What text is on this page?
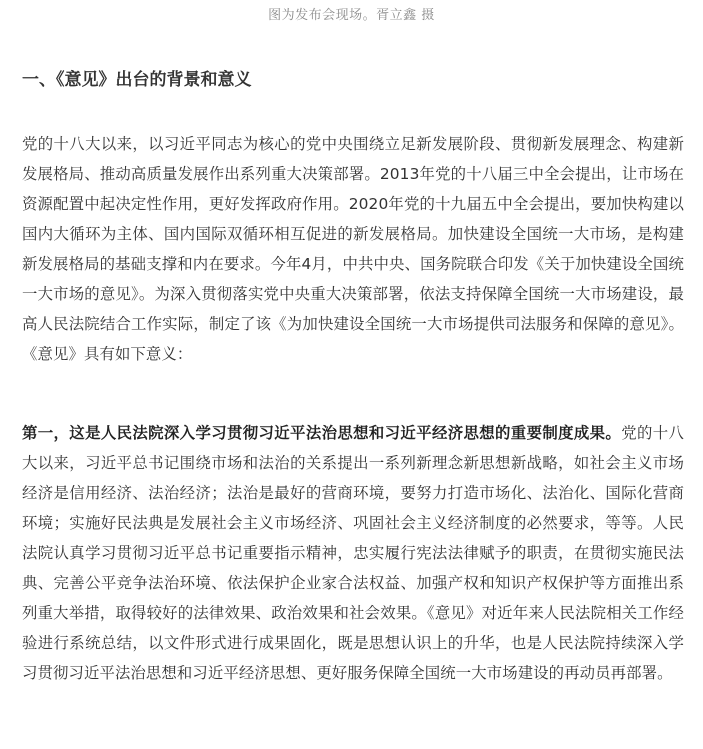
图为发布会现场。胥立鑫 摄
一、《意见》出台的背景和意义

党的十八大以来，以习近平同志为核心的党中央围绕立足新发展阶段、贯彻新发展理念、构建新发展格局、推动高质量发展作出系列重大决策部署。2013年党的十八届三中全会提出，让市场在资源配置中起决定性作用，更好发挥政府作用。2020年党的十九届五中全会提出，要加快构建以国内大循环为主体、国内国际双循环相互促进的新发展格局。加快建设全国统一大市场，是构建新发展格局的基础支撑和内在要求。今年4月，中共中央、国务院联合印发《关于加快建设全国统一大市场的意见》。为深入贯彻落实党中央重大决策部署，依法支持保障全国统一大市场建设，最高人民法院结合工作实际，制定了该《为加快建设全国统一大市场提供司法服务和保障的意见》。《意见》具有如下意义：

第一，这是人民法院深入学习贯彻习近平法治思想和习近平经济思想的重要制度成果。党的十八大以来，习近平总书记围绕市场和法治的关系提出一系列新理念新思想新战略，如社会主义市场经济是信用经济、法治经济；法治是最好的营商环境，要努力打造市场化、法治化、国际化营商环境；实施好民法典是发展社会主义市场经济、巩固社会主义经济制度的必然要求，等等。人民法院认真学习贯彻习近平总书记重要指示精神，忠实履行宪法法律赋予的职责，在贯彻实施民法典、完善公平竞争法治环境、依法保护企业家合法权益、加强产权和知识产权保护等方面推出系列重大举措，取得较好的法律效果、政治效果和社会效果。《意见》对近年来人民法院相关工作经验进行系统总结，以文件形式进行成果固化，既是思想认识上的升华，也是人民法院持续深入学习贯彻习近平法治思想和习近平经济思想、更好服务保障全国统一大市场建设的再动员再部署。
